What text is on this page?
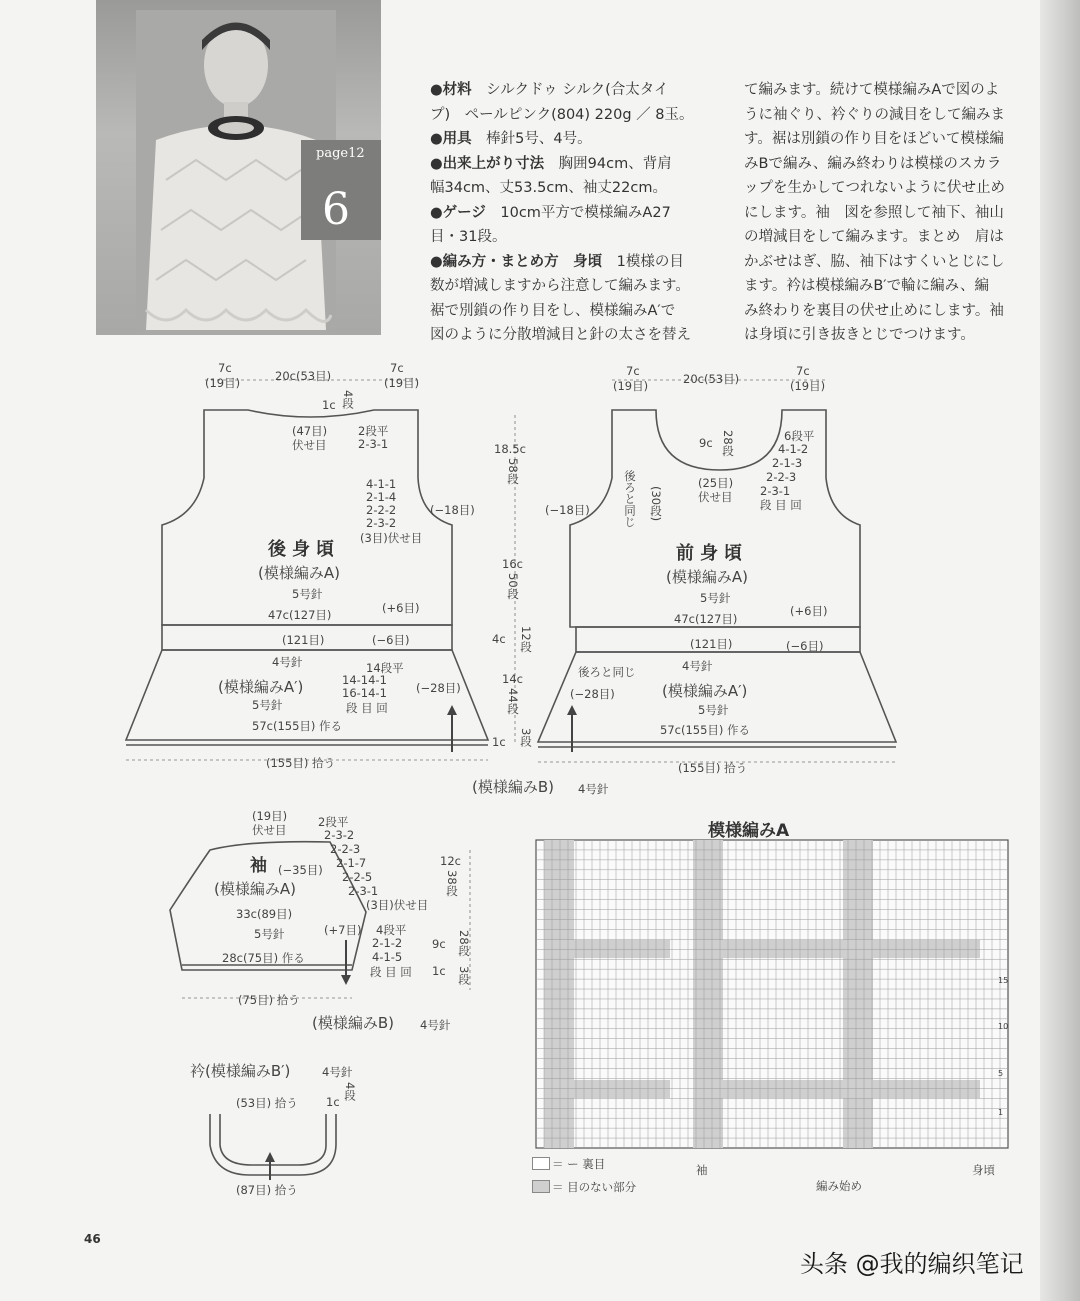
page12
6
●材料　シルクドゥ シルク(合太タイ
プ)　ペールピンク(804) 220g ／ 8玉。
●用具　棒針5号、4号。
●出来上がり寸法　胸囲94cm、背肩
幅34cm、丈53.5cm、袖丈22cm。
●ゲージ　10cm平方で模様編みA27
目・31段。
●編み方・まとめ方　身頃　1模様の目
数が増減しますから注意して編みます。
裾で別鎖の作り目をし、模様編みA′で
図のように分散増減目と針の太さを替え
て編みます。続けて模様編みAで図のよ
うに袖ぐり、衿ぐりの減目をして編みま
す。裾は別鎖の作り目をほどいて模様編
みBで編み、編み終わりは模様のスカラ
ップを生かしてつれないように伏せ止め
にします。袖　図を参照して袖下、袖山
の増減目をして編みます。まとめ　肩は
かぶせはぎ、脇、袖下はすくいとじにし
ます。衿は模様編みB′で輪に編み、編
み終わりを裏目の伏せ止めにします。袖
は身頃に引き抜きとじでつけます。
7c
(19目)	20c(53目)
7c
(19目)
1c 4段
(47目)
伏せ目
2段平
2-3-1
4-1-1
2-1-4
2-2-2
2-3-2
(3目)伏せ目
(−18目)
後身頃
(模様編みA)
5号針
47c(127目)	(+6目)
(121目)	(−6目)
4号針
(模様編みA′)
5号針
14段平
14-14-1
16-14-1
段 目 回
(−28目)
57c(155目) 作る
(155目) 拾う
18.5c
58段
16c
50段
4c 12段
14c
44段
1c 3段
(模様編みB) 4号針
7c
(19目)	20c(53目)
7c
(19目)
9c 28段
(25目)
伏せ目
6段平
4-1-2
2-1-3
2-2-3
2-3-1
段 目 回
後ろと同じ (30段)
(−18目)
前身頃
(模様編みA)
5号針
47c(127目)
(+6目)
(121目)	(−6目)
後ろと同じ	4号針
(−28目)	(模様編みA′)
5号針
57c(155目) 作る
(155目) 拾う
(19目)
伏せ目
2段平
2-3-2
2-2-3
2-1-7
2-2-5
2-3-1
(−35目)
(3目)伏せ目
袖
(模様編みA)
33c(89目)
5号針	(+7目) 4段平
2-1-2
4-1-5
段 目 回
28c(75目) 作る
(75目) 拾う
12c
38段
9c 28段
1c 3段
(模様編みB) 4号針
衿(模様編みB′)	4号針
(53目) 拾う 1c
4段
(87目) 拾う
模様編みA
＝ ー 裏目
＝ 目のない部分
袖
編み始め
身頃
15
10
5
1
46
头条 @我的编织笔记
